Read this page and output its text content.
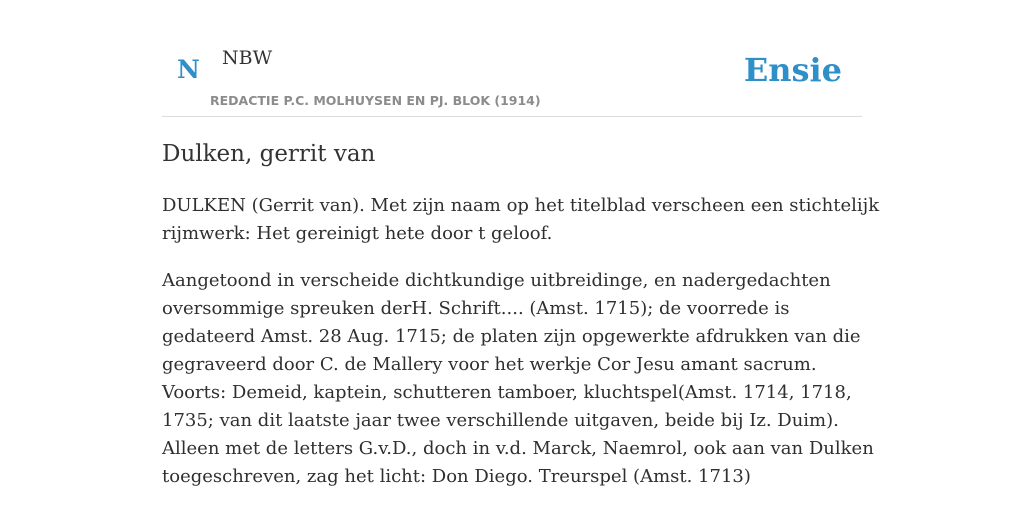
N NBW
REDACTIE P.C. MOLHUYSEN EN PJ. BLOK (1914)
Ensie
Dulken, gerrit van

DULKEN (Gerrit van). Met zijn naam op het titelblad verscheen een stichtelijk rijmwerk: Het gereinigt hete door t geloof.

Aangetoond in verscheide dichtkundige uitbreidinge, en nadergedachten oversommige spreuken derH. Schrift.... (Amst. 1715); de voorrede is gedateerd Amst. 28 Aug. 1715; de platen zijn opgewerkte afdrukken van die gegraveerd door C. de Mallery voor het werkje Cor Jesu amant sacrum. Voorts: Demeid, kaptein, schutteren tamboer, kluchtspel(Amst. 1714, 1718, 1735; van dit laatste jaar twee verschillende uitgaven, beide bij Iz. Duim). Alleen met de letters G.v.D., doch in v.d. Marck, Naemrol, ook aan van Dulken toegeschreven, zag het licht: Don Diego. Treurspel (Amst. 1713)
